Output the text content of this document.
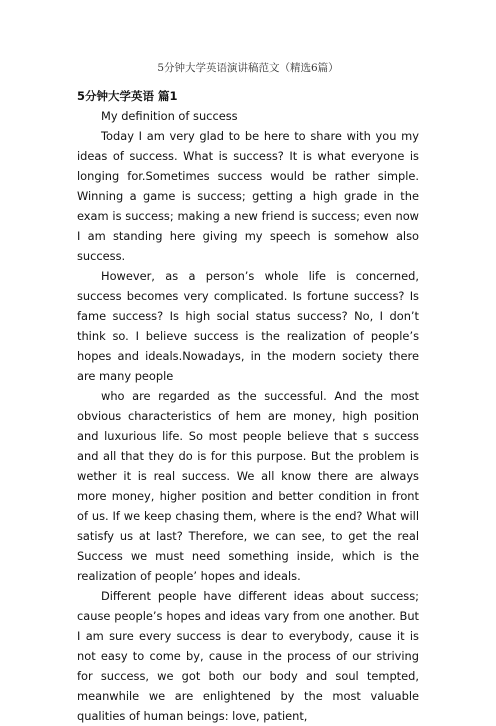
5分钟大学英语演讲稿范文（精选6篇）

5分钟大学英语 篇1

My definition of success

Today I am very glad to be here to share with you my ideas of success. What is success? It is what everyone is longing for.Sometimes success would be rather simple. Winning a game is success; getting a high grade in the exam is success; making a new friend is success; even now I am standing here giving my speech is somehow also success.

However, as a person’s whole life is concerned, success becomes very complicated. Is fortune success? Is fame success? Is high social status success? No, I don’t think so. I believe success is the realization of people’s hopes and ideals.Nowadays, in the modern society there are many people

who are regarded as the successful. And the most obvious characteristics of hem are money, high position and luxurious life. So most people believe that s success and all that they do is for this purpose. But the problem is wether it is real success. We all know there are always more money, higher position and better condition in front of us. If we keep chasing them, where is the end? What will satisfy us at last? Therefore, we can see, to get the real Success we must need something inside, which is the realization of people’ hopes and ideals.

Different people have different ideas about success; cause people’s hopes and ideas vary from one another. But I am sure every success is dear to everybody, cause it is not easy to come by, cause in the process of our striving for success, we got both our body and soul tempted, meanwhile we are enlightened by the most valuable qualities of human beings: love, patient,
